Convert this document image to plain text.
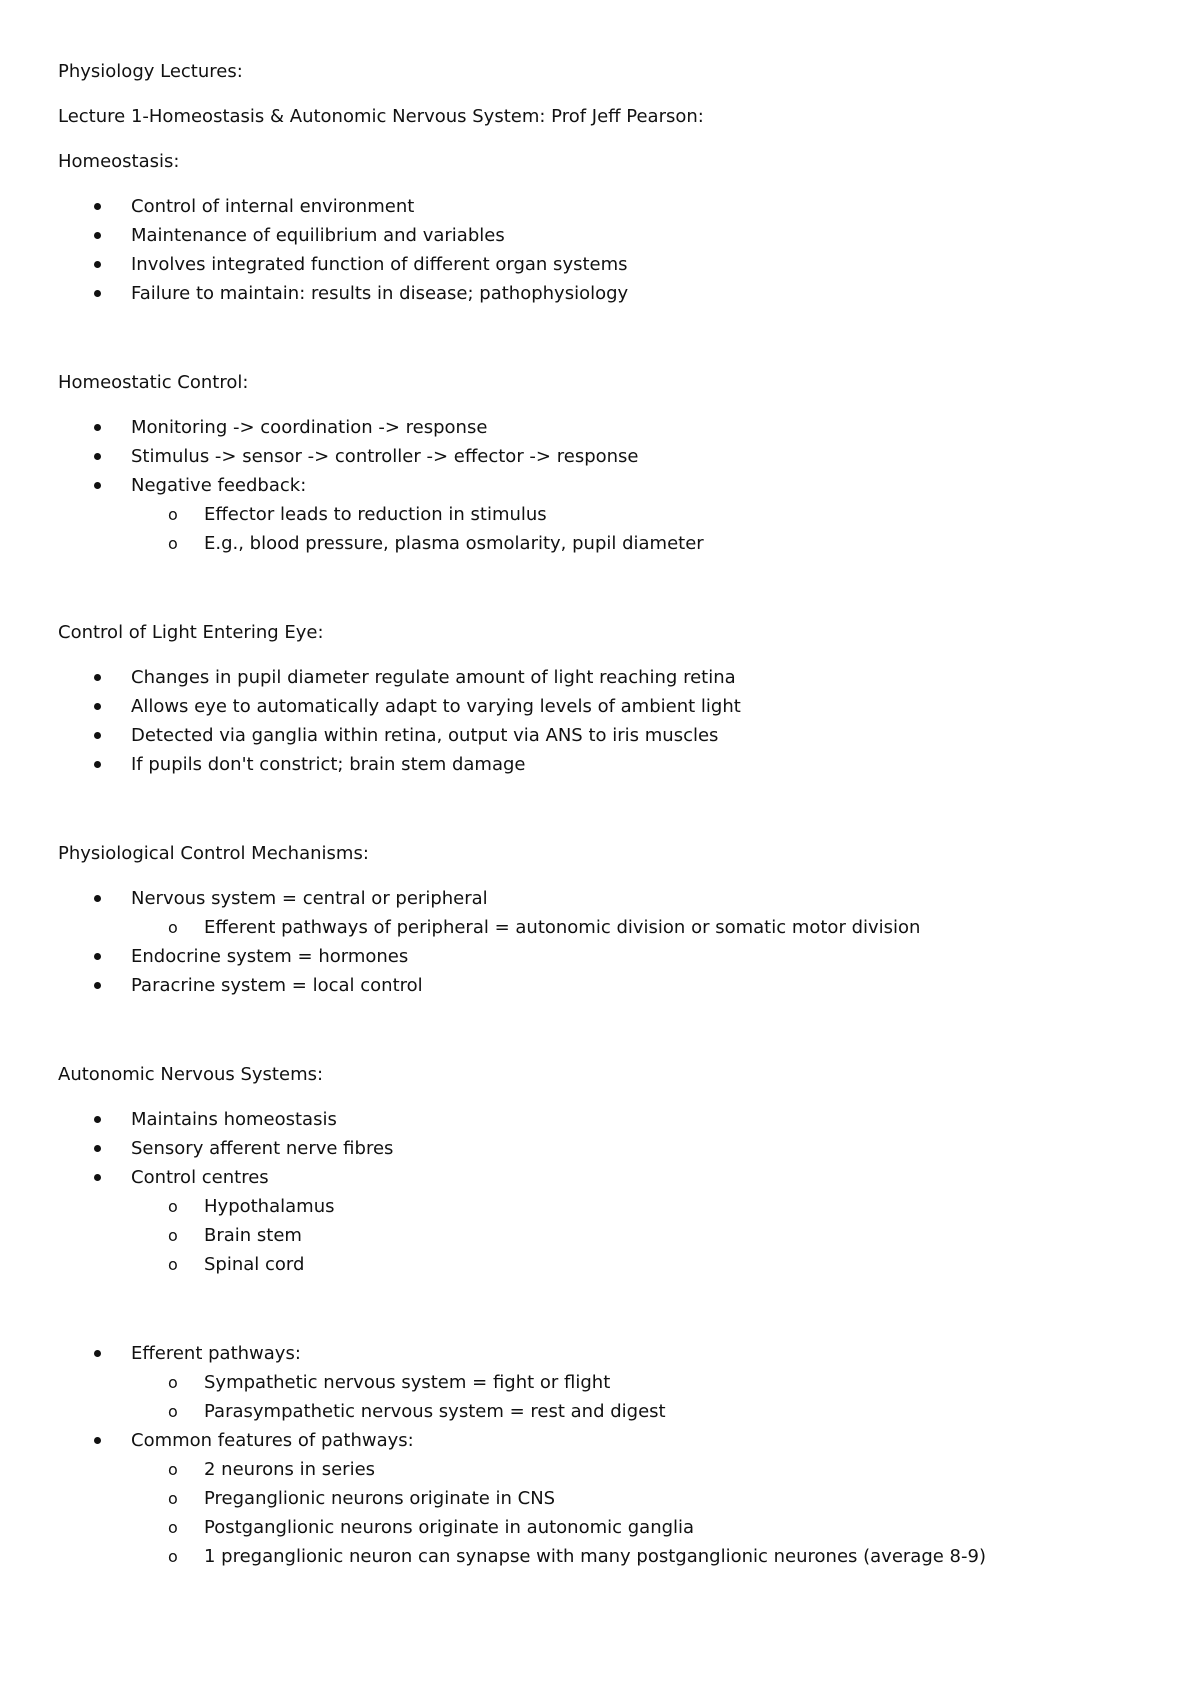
Physiology Lectures:

Lecture 1-Homeostasis & Autonomic Nervous System: Prof Jeff Pearson:

Homeostasis:

Control of internal environment
Maintenance of equilibrium and variables
Involves integrated function of different organ systems
Failure to maintain: results in disease; pathophysiology

Homeostatic Control:

Monitoring -> coordination -> response
Stimulus -> sensor -> controller -> effector -> response
Negative feedback:
o Effector leads to reduction in stimulus
o E.g., blood pressure, plasma osmolarity, pupil diameter

Control of Light Entering Eye:

Changes in pupil diameter regulate amount of light reaching retina
Allows eye to automatically adapt to varying levels of ambient light
Detected via ganglia within retina, output via ANS to iris muscles
If pupils don't constrict; brain stem damage

Physiological Control Mechanisms:

Nervous system = central or peripheral
o Efferent pathways of peripheral = autonomic division or somatic motor division
Endocrine system = hormones
Paracrine system = local control

Autonomic Nervous Systems:

Maintains homeostasis
Sensory afferent nerve fibres
Control centres
o Hypothalamus
o Brain stem
o Spinal cord
Efferent pathways:
o Sympathetic nervous system = fight or flight
o Parasympathetic nervous system = rest and digest
Common features of pathways:
o 2 neurons in series
o Preganglionic neurons originate in CNS
o Postganglionic neurons originate in autonomic ganglia
o 1 preganglionic neuron can synapse with many postganglionic neurones (average 8-9)
